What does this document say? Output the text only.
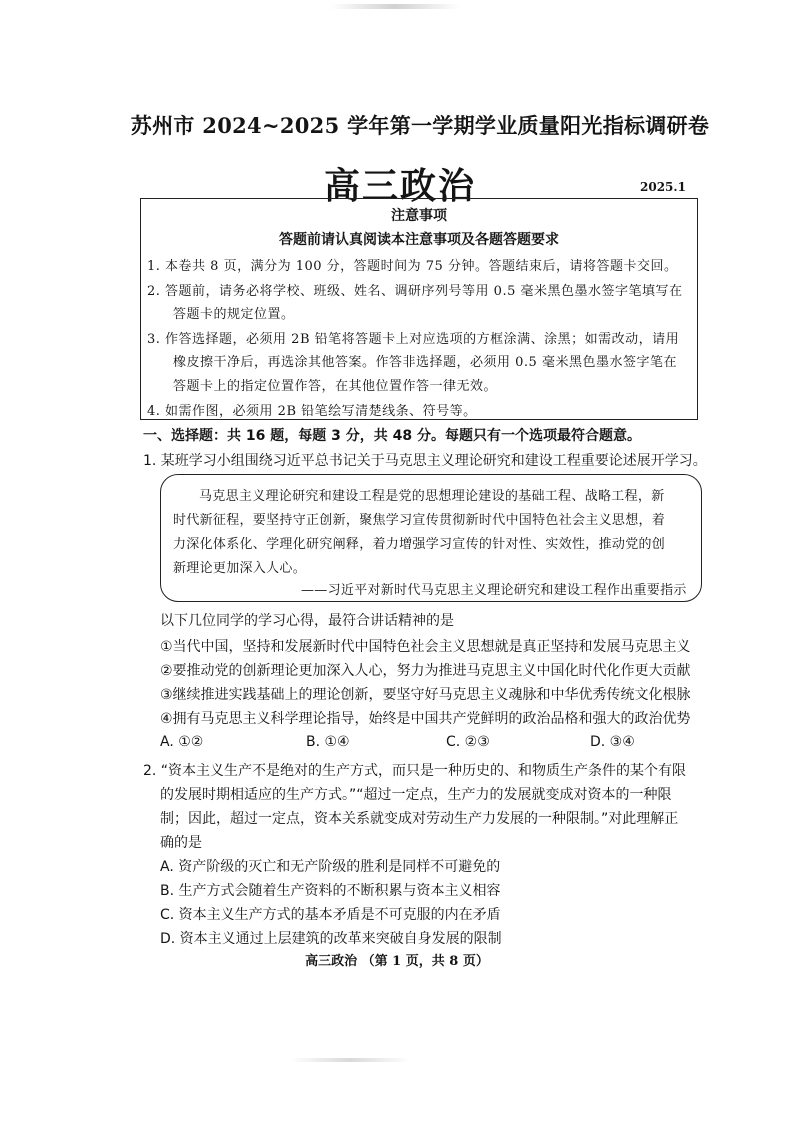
苏州市 2024~2025 学年第一学期学业质量阳光指标调研卷
高三政治	2025.1
注意事项
答题前请认真阅读本注意事项及各题答题要求
1. 本卷共 8 页，满分为 100 分，答题时间为 75 分钟。答题结束后，请将答题卡交回。
2. 答题前，请务必将学校、班级、姓名、调研序列号等用 0.5 毫米黑色墨水签字笔填写在
答题卡的规定位置。
3. 作答选择题，必须用 2B 铅笔将答题卡上对应选项的方框涂满、涂黑；如需改动，请用
橡皮擦干净后，再选涂其他答案。作答非选择题，必须用 0.5 毫米黑色墨水签字笔在
答题卡上的指定位置作答，在其他位置作答一律无效。
4. 如需作图，必须用 2B 铅笔绘写清楚线条、符号等。
一、选择题：共 16 题，每题 3 分，共 48 分。每题只有一个选项最符合题意。
1. 某班学习小组围绕习近平总书记关于马克思主义理论研究和建设工程重要论述展开学习。
马克思主义理论研究和建设工程是党的思想理论建设的基础工程、战略工程，新
时代新征程，要坚持守正创新，聚焦学习宣传贯彻新时代中国特色社会主义思想，着
力深化体系化、学理化研究阐释，着力增强学习宣传的针对性、实效性，推动党的创
新理论更加深入人心。
——习近平对新时代马克思主义理论研究和建设工程作出重要指示
以下几位同学的学习心得，最符合讲话精神的是
①当代中国，坚持和发展新时代中国特色社会主义思想就是真正坚持和发展马克思主义
②要推动党的创新理论更加深入人心，努力为推进马克思主义中国化时代化作更大贡献
③继续推进实践基础上的理论创新，要坚守好马克思主义魂脉和中华优秀传统文化根脉
④拥有马克思主义科学理论指导，始终是中国共产党鲜明的政治品格和强大的政治优势
A. ①②	B. ①④	C. ②③	D. ③④
2. “资本主义生产不是绝对的生产方式，而只是一种历史的、和物质生产条件的某个有限
的发展时期相适应的生产方式。”“超过一定点，生产力的发展就变成对资本的一种限
制；因此，超过一定点，资本关系就变成对劳动生产力发展的一种限制。”对此理解正
确的是
A. 资产阶级的灭亡和无产阶级的胜利是同样不可避免的
B. 生产方式会随着生产资料的不断积累与资本主义相容
C. 资本主义生产方式的基本矛盾是不可克服的内在矛盾
D. 资本主义通过上层建筑的改革来突破自身发展的限制
高三政治 （第 1 页，共 8 页）
